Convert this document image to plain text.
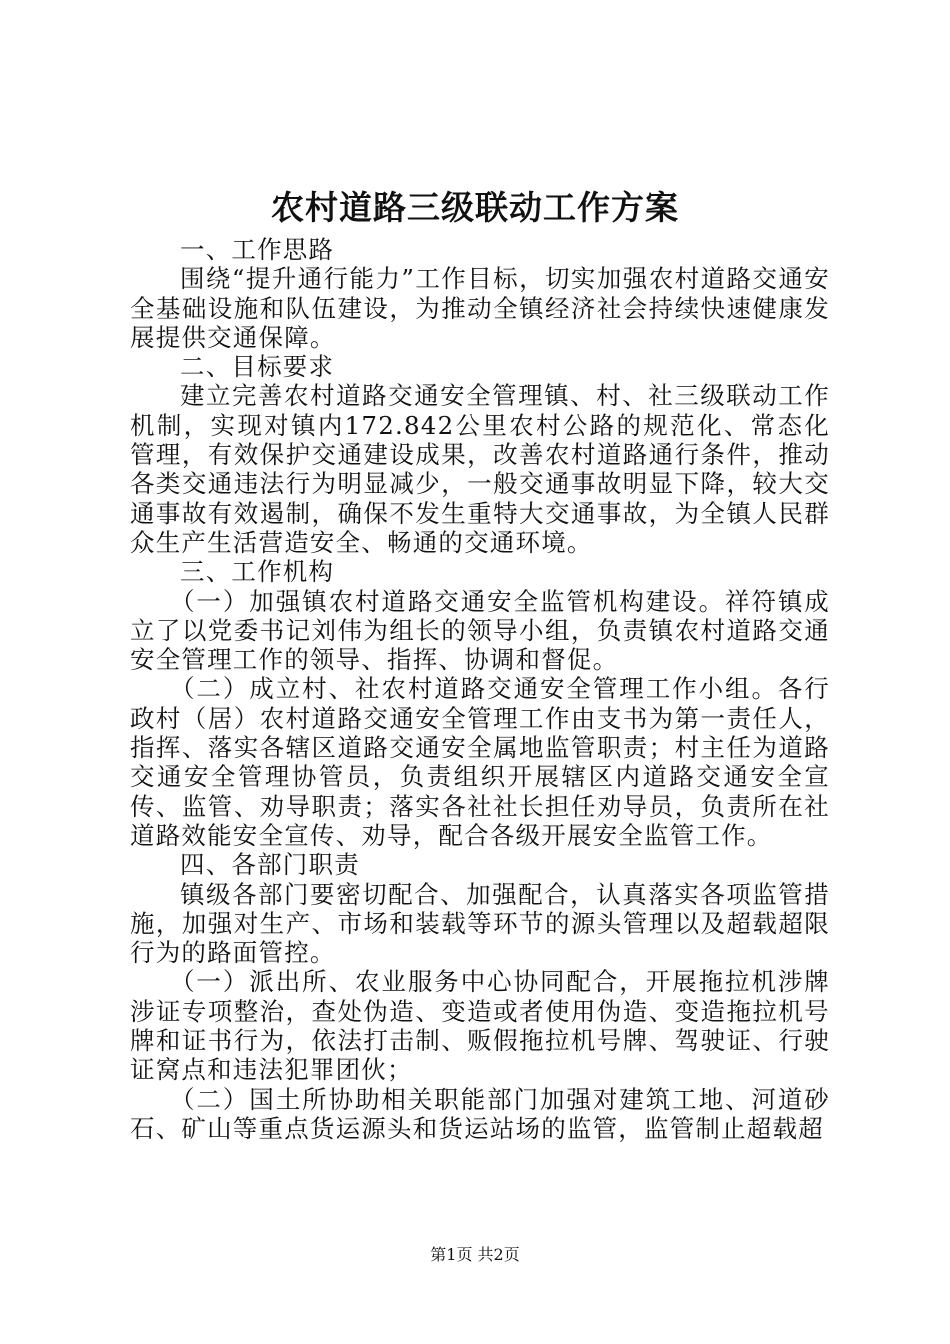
农村道路三级联动工作方案

一、工作思路

围绕“提升通行能力”工作目标，切实加强农村道路交通安全基础设施和队伍建设，为推动全镇经济社会持续快速健康发展提供交通保障。

二、目标要求

建立完善农村道路交通安全管理镇、村、社三级联动工作机制，实现对镇内172.842公里农村公路的规范化、常态化管理，有效保护交通建设成果，改善农村道路通行条件，推动各类交通违法行为明显减少，一般交通事故明显下降，较大交通事故有效遏制，确保不发生重特大交通事故，为全镇人民群众生产生活营造安全、畅通的交通环境。

三、工作机构

（一）加强镇农村道路交通安全监管机构建设。祥符镇成立了以党委书记刘伟为组长的领导小组，负责镇农村道路交通安全管理工作的领导、指挥、协调和督促。

（二）成立村、社农村道路交通安全管理工作小组。各行政村（居）农村道路交通安全管理工作由支书为第一责任人，指挥、落实各辖区道路交通安全属地监管职责；村主任为道路交通安全管理协管员，负责组织开展辖区内道路交通安全宣传、监管、劝导职责；落实各社社长担任劝导员，负责所在社道路效能安全宣传、劝导，配合各级开展安全监管工作。

四、各部门职责

镇级各部门要密切配合、加强配合，认真落实各项监管措施，加强对生产、市场和装载等环节的源头管理以及超载超限行为的路面管控。

（一）派出所、农业服务中心协同配合，开展拖拉机涉牌涉证专项整治，查处伪造、变造或者使用伪造、变造拖拉机号牌和证书行为，依法打击制、贩假拖拉机号牌、驾驶证、行驶证窝点和违法犯罪团伙；

（二）国土所协助相关职能部门加强对建筑工地、河道砂石、矿山等重点货运源头和货运站场的监管，监管制止超载超

第1页 共2页
